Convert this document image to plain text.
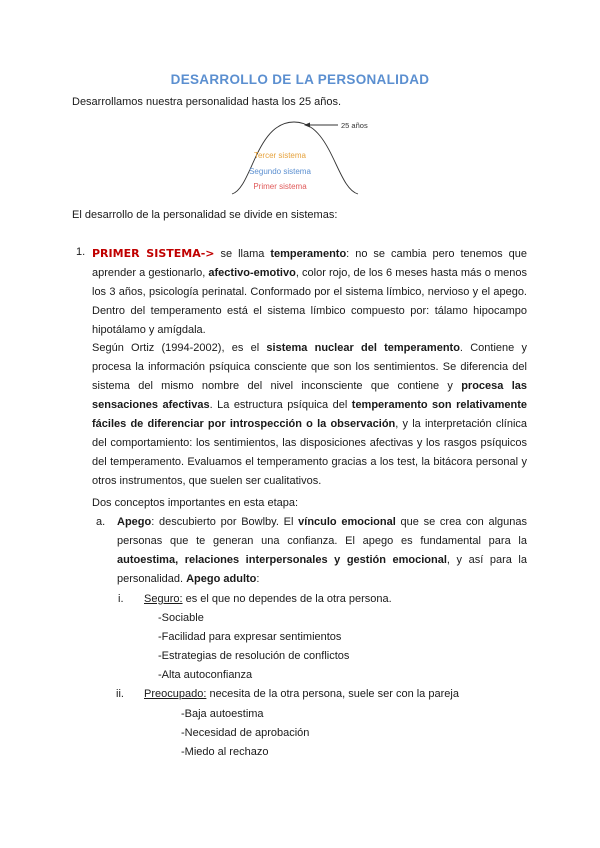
DESARROLLO DE LA PERSONALIDAD
Desarrollamos nuestra personalidad hasta los 25 años.
25 años
Tercer sistema
Segundo sistema
Primer sistema
El desarrollo de la personalidad se divide en sistemas:
1. PRIMER SISTEMA-> se llama temperamento: no se cambia pero tenemos que aprender a gestionarlo, afectivo-emotivo, color rojo, de los 6 meses hasta más o menos los 3 años, psicología perinatal. Conformado por el sistema límbico, nervioso y el apego. Dentro del temperamento está el sistema límbico compuesto por: tálamo hipocampo hipotálamo y amígdala.
Según Ortiz (1994-2002), es el sistema nuclear del temperamento. Contiene y procesa la información psíquica consciente que son los sentimientos. Se diferencia del sistema del mismo nombre del nivel inconsciente que contiene y procesa las sensaciones afectivas. La estructura psíquica del temperamento son relativamente fáciles de diferenciar por introspección o la observación, y la interpretación clínica del comportamiento: los sentimientos, las disposiciones afectivas y los rasgos psíquicos del temperamento. Evaluamos el temperamento gracias a los test, la bitácora personal y otros instrumentos, que suelen ser cualitativos.
Dos conceptos importantes en esta etapa:
a. Apego: descubierto por Bowlby. El vínculo emocional que se crea con algunas personas que te generan una confianza. El apego es fundamental para la autoestima, relaciones interpersonales y gestión emocional, y así para la personalidad. Apego adulto:
i. Seguro: es el que no dependes de la otra persona.
-Sociable
-Facilidad para expresar sentimientos
-Estrategias de resolución de conflictos
-Alta autoconfianza
ii. Preocupado: necesita de la otra persona, suele ser con la pareja
-Baja autoestima
-Necesidad de aprobación
-Miedo al rechazo
